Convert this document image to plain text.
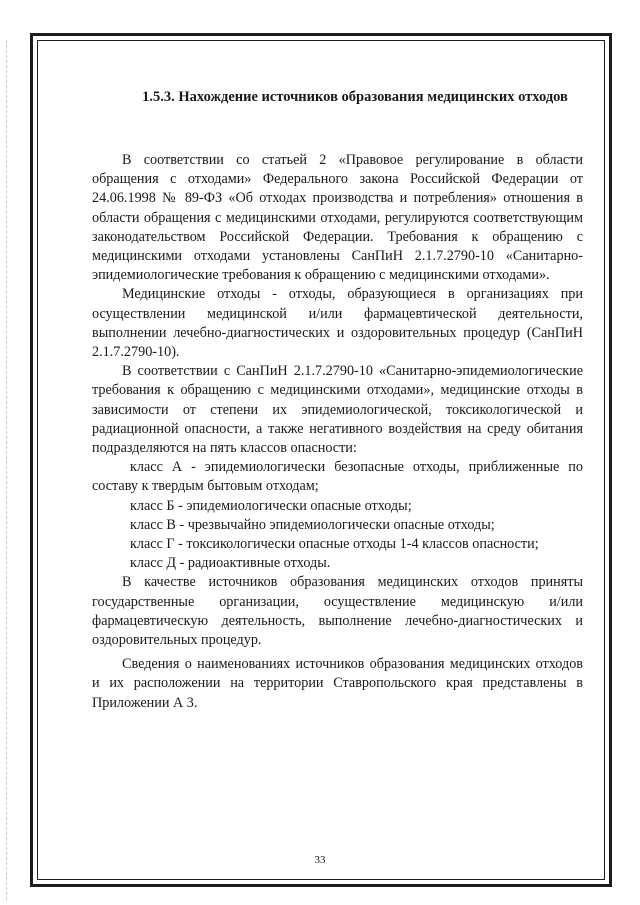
1.5.3. Нахождение источников образования медицинских отходов

В соответствии со статьей 2 «Правовое регулирование в области обращения с отходами» Федерального закона Российской Федерации от 24.06.1998 № 89-ФЗ «Об отходах производства и потребления» отношения в области обращения с медицинскими отходами, регулируются соответствующим законодательством Российской Федерации. Требования к обращению с медицинскими отходами установлены СанПиН 2.1.7.2790-10 «Санитарно-эпидемиологические требования к обращению с медицинскими отходами».

Медицинские отходы - отходы, образующиеся в организациях при осуществлении медицинской и/или фармацевтической деятельности, выполнении лечебно-диагностических и оздоровительных процедур (СанПиН 2.1.7.2790-10).

В соответствии с СанПиН 2.1.7.2790-10 «Санитарно-эпидемиологические требования к обращению с медицинскими отходами», медицинские отходы в зависимости от степени их эпидемиологической, токсикологической и радиационной опасности, а также негативного воздействия на среду обитания подразделяются на пять классов опасности:

класс А - эпидемиологически безопасные отходы, приближенные по составу к твердым бытовым отходам;

класс Б - эпидемиологически опасные отходы;

класс В - чрезвычайно эпидемиологически опасные отходы;

класс Г - токсикологически опасные отходы 1-4 классов опасности;

класс Д - радиоактивные отходы.

В качестве источников образования медицинских отходов приняты государственные организации, осуществление медицинскую и/или фармацевтическую деятельность, выполнение лечебно-диагностических и оздоровительных процедур.

Сведения о наименованиях источников образования медицинских отходов и их расположении на территории Ставропольского края представлены в Приложении А 3.

33
